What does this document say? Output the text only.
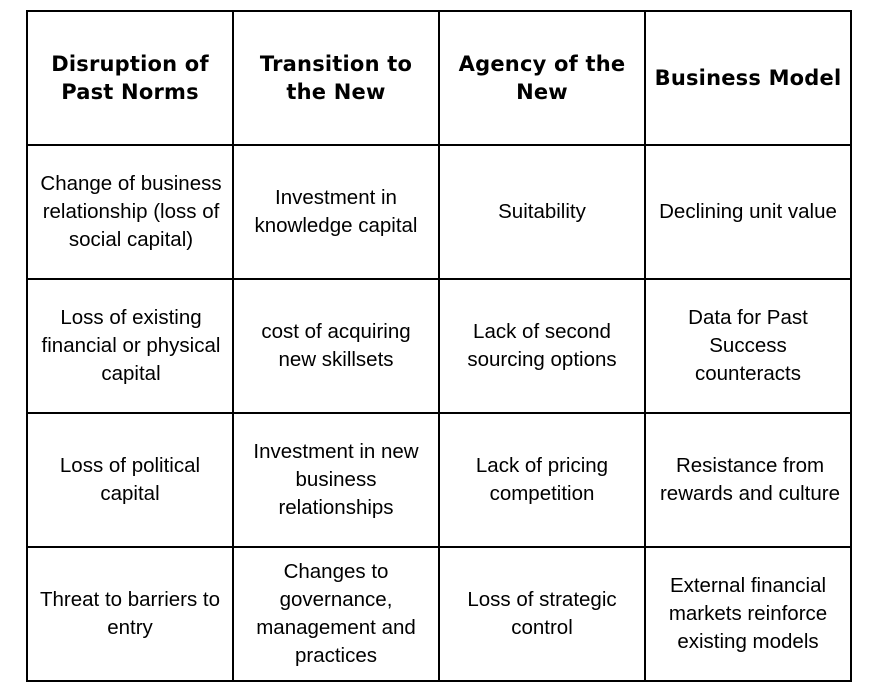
Disruption of Past Norms	Transition to the New	Agency of the New	Business Model
Change of business relationship (loss of social capital)	Investment in knowledge capital	Suitability	Declining unit value
Loss of existing financial or physical capital	cost of acquiring new skillsets	Lack of second sourcing options	Data for Past Success counteracts
Loss of political capital	Investment in new business relationships	Lack of pricing competition	Resistance from rewards and culture
Threat to barriers to entry	Changes to governance, management and practices	Loss of strategic control	External financial markets reinforce existing models
